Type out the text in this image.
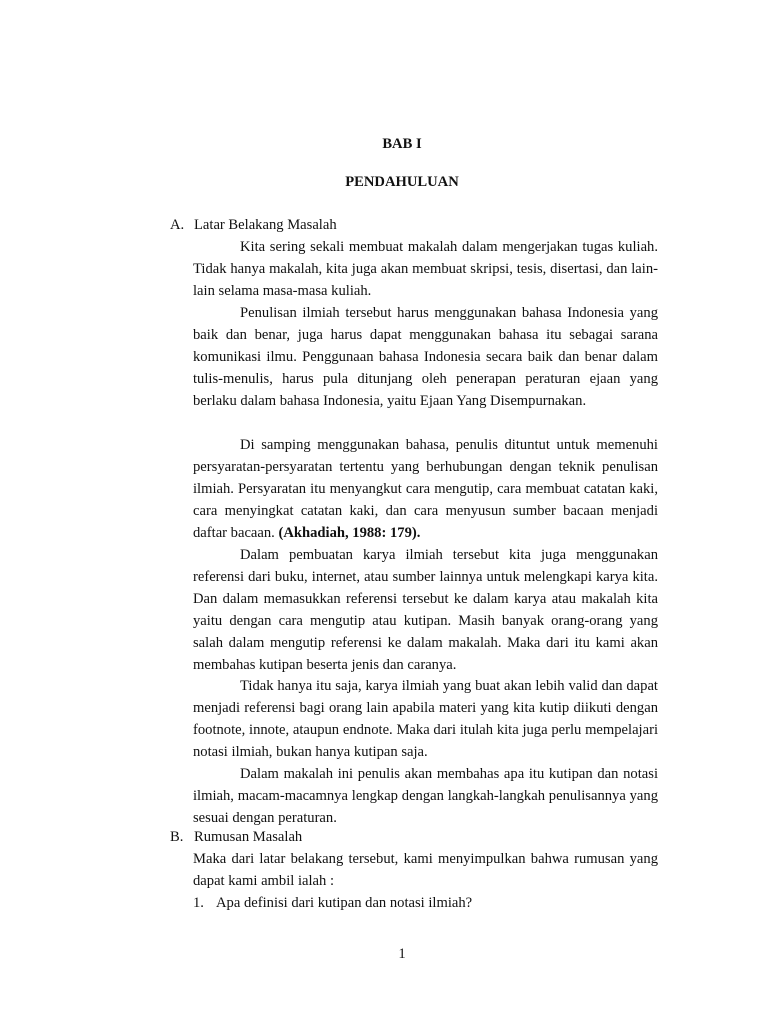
BAB I
PENDAHULUAN
A. Latar Belakang Masalah

Kita sering sekali membuat makalah dalam mengerjakan tugas kuliah. Tidak hanya makalah, kita juga akan membuat skripsi, tesis, disertasi, dan lain-lain selama masa-masa kuliah.

Penulisan ilmiah tersebut harus menggunakan bahasa Indonesia yang baik dan benar, juga harus dapat menggunakan bahasa itu sebagai sarana komunikasi ilmu. Penggunaan bahasa Indonesia secara baik dan benar dalam tulis-menulis, harus pula ditunjang oleh penerapan peraturan ejaan yang berlaku dalam bahasa Indonesia, yaitu Ejaan Yang Disempurnakan.

Di samping menggunakan bahasa, penulis dituntut untuk memenuhi persyaratan-persyaratan tertentu yang berhubungan dengan teknik penulisan ilmiah. Persyaratan itu menyangkut cara mengutip, cara membuat catatan kaki, cara menyingkat catatan kaki, dan cara menyusun sumber bacaan menjadi daftar bacaan. (Akhadiah, 1988: 179).

Dalam pembuatan karya ilmiah tersebut kita juga menggunakan referensi dari buku, internet, atau sumber lainnya untuk melengkapi karya kita. Dan dalam memasukkan referensi tersebut ke dalam karya atau makalah kita yaitu dengan cara mengutip atau kutipan. Masih banyak orang-orang yang salah dalam mengutip referensi ke dalam makalah. Maka dari itu kami akan membahas kutipan beserta jenis dan caranya.

Tidak hanya itu saja, karya ilmiah yang buat akan lebih valid dan dapat menjadi referensi bagi orang lain apabila materi yang kita kutip diikuti dengan footnote, innote, ataupun endnote. Maka dari itulah kita juga perlu mempelajari notasi ilmiah, bukan hanya kutipan saja.

Dalam makalah ini penulis akan membahas apa itu kutipan dan notasi ilmiah, macam-macamnya lengkap dengan langkah-langkah penulisannya yang sesuai dengan peraturan.

B. Rumusan Masalah

Maka dari latar belakang tersebut, kami menyimpulkan bahwa rumusan yang dapat kami ambil ialah :

1. Apa definisi dari kutipan dan notasi ilmiah?
1
